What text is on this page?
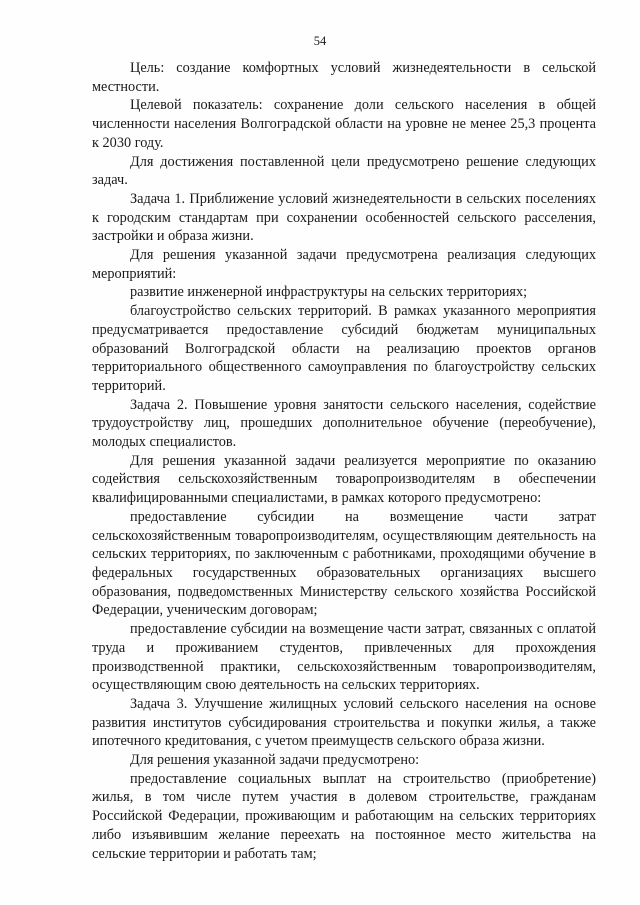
54

Цель: создание комфортных условий жизнедеятельности в сельской местности.

Целевой показатель: сохранение доли сельского населения в общей численности населения Волгоградской области на уровне не менее 25,3 процента к 2030 году.

Для достижения поставленной цели предусмотрено решение следующих задач.

Задача 1. Приближение условий жизнедеятельности в сельских поселениях к городским стандартам при сохранении особенностей сельского расселения, застройки и образа жизни.

Для решения указанной задачи предусмотрена реализация следующих мероприятий:

развитие инженерной инфраструктуры на сельских территориях;

благоустройство сельских территорий. В рамках указанного мероприятия предусматривается предоставление субсидий бюджетам муниципальных образований Волгоградской области на реализацию проектов органов территориального общественного самоуправления по благоустройству сельских территорий.

Задача 2. Повышение уровня занятости сельского населения, содействие трудоустройству лиц, прошедших дополнительное обучение (переобучение), молодых специалистов.

Для решения указанной задачи реализуется мероприятие по оказанию содействия сельскохозяйственным товаропроизводителям в обеспечении квалифицированными специалистами, в рамках которого предусмотрено:

предоставление субсидии на возмещение части затрат сельскохозяйственным товаропроизводителям, осуществляющим деятельность на сельских территориях, по заключенным с работниками, проходящими обучение в федеральных государственных образовательных организациях высшего образования, подведомственных Министерству сельского хозяйства Российской Федерации, ученическим договорам;

предоставление субсидии на возмещение части затрат, связанных с оплатой труда и проживанием студентов, привлеченных для прохождения производственной практики, сельскохозяйственным товаропроизводителям, осуществляющим свою деятельность на сельских территориях.

Задача 3. Улучшение жилищных условий сельского населения на основе развития институтов субсидирования строительства и покупки жилья, а также ипотечного кредитования, с учетом преимуществ сельского образа жизни.

Для решения указанной задачи предусмотрено:

предоставление социальных выплат на строительство (приобретение) жилья, в том числе путем участия в долевом строительстве, гражданам Российской Федерации, проживающим и работающим на сельских территориях либо изъявившим желание переехать на постоянное место жительства на сельские территории и работать там;
